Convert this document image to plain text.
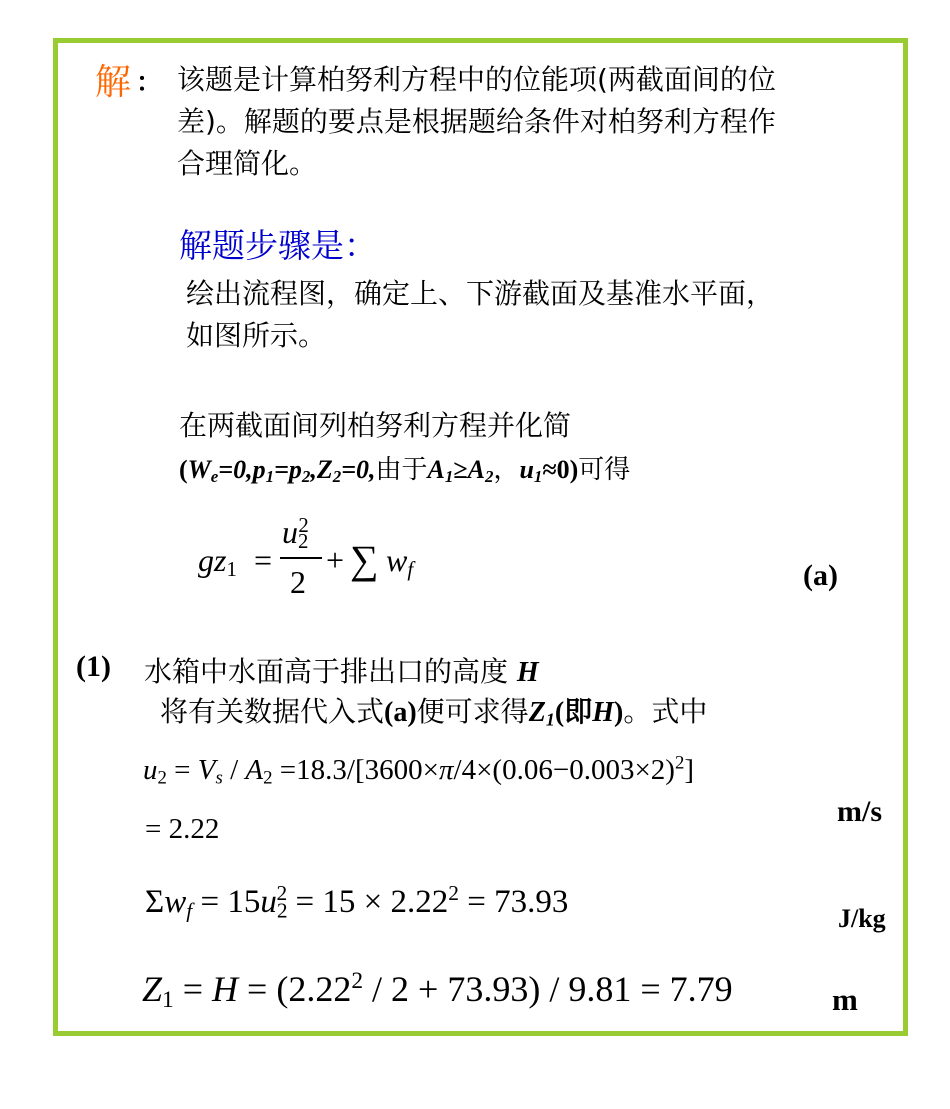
解 ： 该题是计算柏努利方程中的位能项(两截面间的位
差)。解题的要点是根据题给条件对柏努利方程作
合理简化。
解题步骤是：
绘出流程图，确定上、下游截面及基准水平面，
如图所示。
在两截面间列柏努利方程并化简
($W_e=0,p_1=p_2,Z_2=0$,由于$A_1\ge A_2$，$u_1\approx 0$)可得
$gz_1$ =
$u_2^2$
2
+ ∑ $w_f$	(a)
(1) 水箱中水面高于排出口的高度 H
将有关数据代入式(a)便可求得$Z_1$(即H)。式中
$u_2 = V_s / A_2 =18.3/[3600\times\pi/4\times(0.06-0.003\times 2)^2]$
= 2.22
m/s
$\Sigma w_f = 15u_2^2 = 15 \times 2.22^2 = 73.93$	J/kg
$Z_1 = H = (2.22^2 / 2 + 73.93) / 9.81 = 7.79$	m
